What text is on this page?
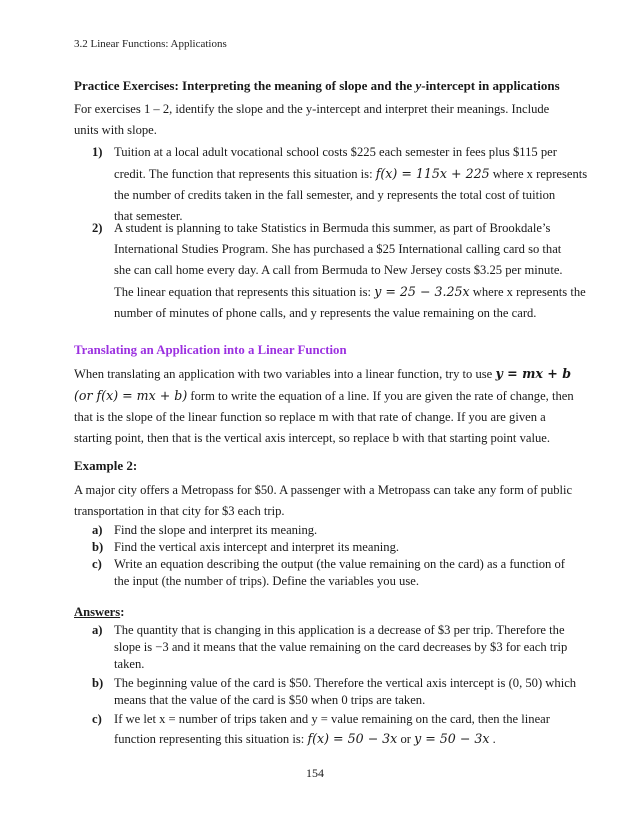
3.2 Linear Functions: Applications
Practice Exercises: Interpreting the meaning of slope and the y-intercept in applications
For exercises 1 – 2, identify the slope and the y-intercept and interpret their meanings. Include
units with slope.
1) Tuition at a local adult vocational school costs $225 each semester in fees plus $115 per
credit. The function that represents this situation is: f(x) = 115x + 225 where x represents
the number of credits taken in the fall semester, and y represents the total cost of tuition
that semester.
2) A student is planning to take Statistics in Bermuda this summer, as part of Brookdale’s
International Studies Program. She has purchased a $25 International calling card so that
she can call home every day. A call from Bermuda to New Jersey costs $3.25 per minute.
The linear equation that represents this situation is: y = 25 − 3.25x where x represents the
number of minutes of phone calls, and y represents the value remaining on the card.
Translating an Application into a Linear Function
When translating an application with two variables into a linear function, try to use y = mx + b
(or f(x) = mx + b) form to write the equation of a line. If you are given the rate of change, then
that is the slope of the linear function so replace m with that rate of change. If you are given a
starting point, then that is the vertical axis intercept, so replace b with that starting point value.
Example 2:
A major city offers a Metropass for $50. A passenger with a Metropass can take any form of public
transportation in that city for $3 each trip.
a) Find the slope and interpret its meaning.
b) Find the vertical axis intercept and interpret its meaning.
c) Write an equation describing the output (the value remaining on the card) as a function of
the input (the number of trips). Define the variables you use.
Answers:
a) The quantity that is changing in this application is a decrease of $3 per trip. Therefore the
slope is −3 and it means that the value remaining on the card decreases by $3 for each trip
taken.
b) The beginning value of the card is $50. Therefore the vertical axis intercept is (0, 50) which
means that the value of the card is $50 when 0 trips are taken.
c) If we let x = number of trips taken and y = value remaining on the card, then the linear
function representing this situation is: f(x) = 50 − 3x or y = 50 − 3x .
154
